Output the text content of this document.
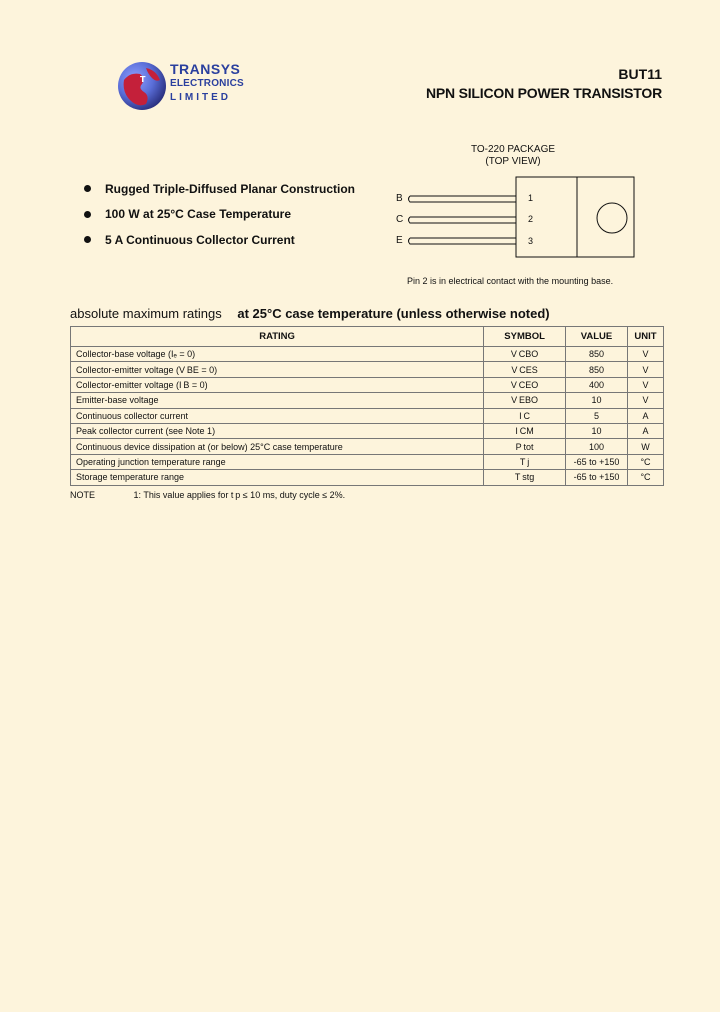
T
TRANSYS
ELECTRONICS
LIMITED
BUT11
NPN SILICON POWER TRANSISTOR
Rugged Triple-Diffused Planar Construction
100 W at 25°C Case Temperature
5 A Continuous Collector Current
TO-220 PACKAGE
(TOP VIEW)
B
C
E
1
2
3
Pin 2 is in electrical contact with the mounting base.
absolute maximum ratings at 25°C case temperature (unless otherwise noted)
RATING	SYMBOL	VALUE	UNIT
Collector-base voltage (Iₑ = 0)	V CBO	850	V
Collector-emitter voltage (V BE = 0)	V CES	850	V
Collector-emitter voltage (I B = 0)	V CEO	400	V
Emitter-base voltage	V EBO	10	V
Continuous collector current	I C	5	A
Peak collector current (see Note 1)	I CM	10	A
Continuous device dissipation at (or below) 25°C case temperature	P tot	100	W
Operating junction temperature range	T j	-65 to +150	°C
Storage temperature range	T stg	-65 to +150	°C
NOTE	1: This value applies for t p ≤ 10 ms, duty cycle ≤ 2%.
